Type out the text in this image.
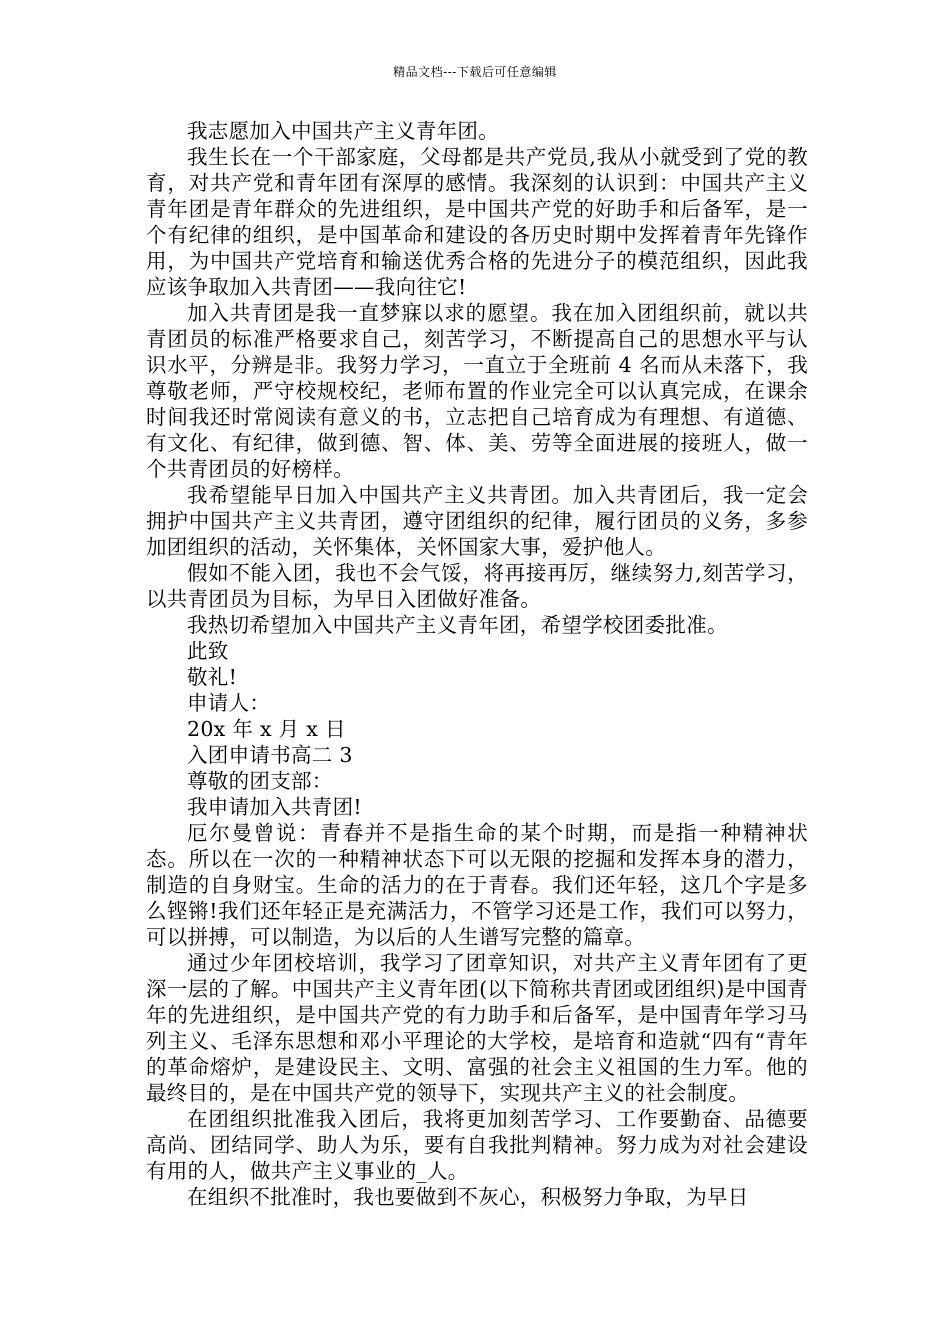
精品文档---下载后可任意编辑

我志愿加入中国共产主义青年团。

我生长在一个干部家庭，父母都是共产党员,我从小就受到了党的教育，对共产党和青年团有深厚的感情。我深刻的认识到：中国共产主义青年团是青年群众的先进组织，是中国共产党的好助手和后备军，是一个有纪律的组织，是中国革命和建设的各历史时期中发挥着青年先锋作用，为中国共产党培育和输送优秀合格的先进分子的模范组织，因此我应该争取加入共青团——我向往它!

加入共青团是我一直梦寐以求的愿望。我在加入团组织前，就以共青团员的标准严格要求自己，刻苦学习，不断提高自己的思想水平与认识水平，分辨是非。我努力学习，一直立于全班前 4 名而从未落下，我尊敬老师，严守校规校纪，老师布置的作业完全可以认真完成，在课余时间我还时常阅读有意义的书，立志把自己培育成为有理想、有道德、有文化、有纪律，做到德、智、体、美、劳等全面进展的接班人，做一个共青团员的好榜样。

我希望能早日加入中国共产主义共青团。加入共青团后，我一定会拥护中国共产主义共青团，遵守团组织的纪律，履行团员的义务，多参加团组织的活动，关怀集体，关怀国家大事，爱护他人。

假如不能入团，我也不会气馁，将再接再厉，继续努力,刻苦学习，以共青团员为目标，为早日入团做好准备。

我热切希望加入中国共产主义青年团，希望学校团委批准。

此致

敬礼!

申请人：

20x 年 x 月 x 日

入团申请书高二 3

尊敬的团支部：

我申请加入共青团!

厄尔曼曾说：青春并不是指生命的某个时期，而是指一种精神状态。所以在一次的一种精神状态下可以无限的挖掘和发挥本身的潜力，制造的自身财宝。生命的活力的在于青春。我们还年轻，这几个字是多么铿锵!我们还年轻正是充满活力，不管学习还是工作，我们可以努力，可以拼搏，可以制造，为以后的人生谱写完整的篇章。

通过少年团校培训，我学习了团章知识，对共产主义青年团有了更深一层的了解。中国共产主义青年团(以下简称共青团或团组织)是中国青年的先进组织，是中国共产党的有力助手和后备军，是中国青年学习马列主义、毛泽东思想和邓小平理论的大学校，是培育和造就“四有“青年的革命熔炉，是建设民主、文明、富强的社会主义祖国的生力军。他的最终目的，是在中国共产党的领导下，实现共产主义的社会制度。

在团组织批准我入团后，我将更加刻苦学习、工作要勤奋、品德要高尚、团结同学、助人为乐，要有自我批判精神。努力成为对社会建设有用的人，做共产主义事业的_人。

在组织不批准时，我也要做到不灰心，积极努力争取，为早日
